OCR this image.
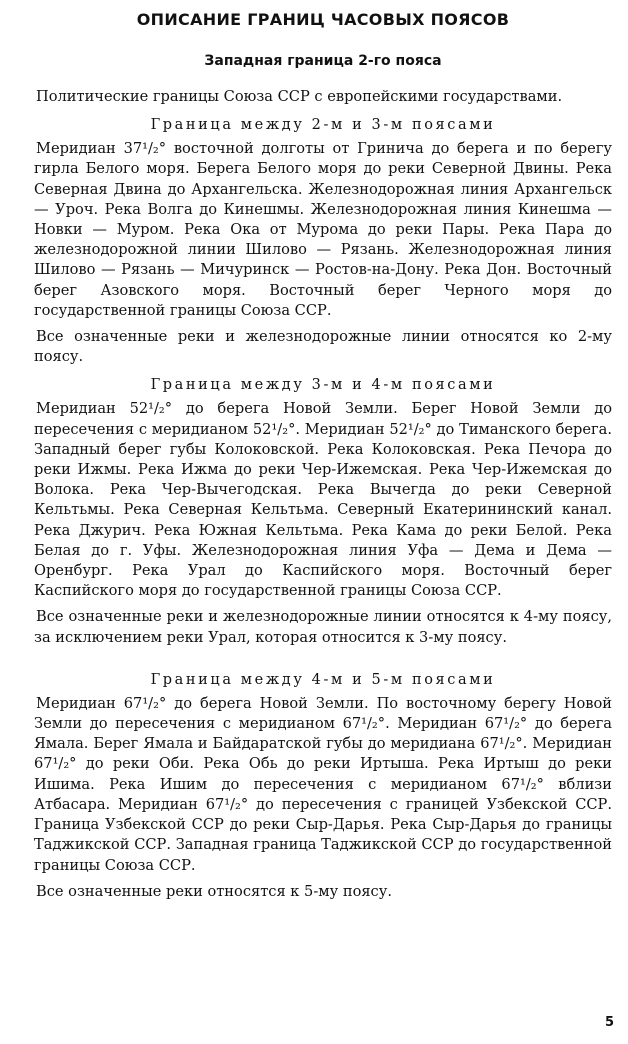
ОПИСАНИЕ ГРАНИЦ ЧАСОВЫХ ПОЯСОВ
Западная граница 2-го пояса

Политические границы Союза ССР с европейскими государствами.

Граница между 2-м и 3-м поясами

Меридиан 37¹/₂° восточной долготы от Гринича до берега и по берегу гирла Белого моря. Берега Белого моря до реки Северной Двины. Река Северная Двина до Архангельска. Железнодорожная линия Архангельск — Уроч. Река Волга до Кинешмы. Железнодорожная линия Кинешма — Новки — Муром. Река Ока от Мурома до реки Пары. Река Пара до железнодорожной линии Шилово — Рязань. Железнодорожная линия Шилово — Рязань — Мичуринск — Ростов-на-Дону. Река Дон. Восточный берег Азовского моря. Восточный берег Черного моря до государственной границы Союза ССР.

Все означенные реки и железнодорожные линии относятся ко 2-му поясу.

Граница между 3-м и 4-м поясами

Меридиан 52¹/₂° до берега Новой Земли. Берег Новой Земли до пересечения с меридианом 52¹/₂°. Меридиан 52¹/₂° до Тиманского берега. Западный берег губы Колоковской. Река Колоковская. Река Печора до реки Ижмы. Река Ижма до реки Чер-Ижемская. Река Чер-Ижемская до Волока. Река Чер-Вычегодская. Река Вычегда до реки Северной Кельтьмы. Река Северная Кельтьма. Северный Екатерининский канал. Река Джурич. Река Южная Кельтьма. Река Кама до реки Белой. Река Белая до г. Уфы. Железнодорожная линия Уфа — Дема и Дема — Оренбург. Река Урал до Каспийского моря. Восточный берег Каспийского моря до государственной границы Союза ССР.

Все означенные реки и железнодорожные линии относятся к 4-му поясу, за исключением реки Урал, которая относится к 3-му поясу.

Граница между 4-м и 5-м поясами

Меридиан 67¹/₂° до берега Новой Земли. По восточному берегу Новой Земли до пересечения с меридианом 67¹/₂°. Меридиан 67¹/₂° до берега Ямала. Берег Ямала и Байдаратской губы до меридиана 67¹/₂°. Меридиан 67¹/₂° до реки Оби. Река Обь до реки Иртыша. Река Иртыш до реки Ишима. Река Ишим до пересечения с меридианом 67¹/₂° вблизи Атбасара. Меридиан 67¹/₂° до пересечения с границей Узбекской ССР. Граница Узбекской ССР до реки Сыр-Дарья. Река Сыр-Дарья до границы Таджикской ССР. Западная граница Таджикской ССР до государственной границы Союза ССР.

Все означенные реки относятся к 5-му поясу.

5
